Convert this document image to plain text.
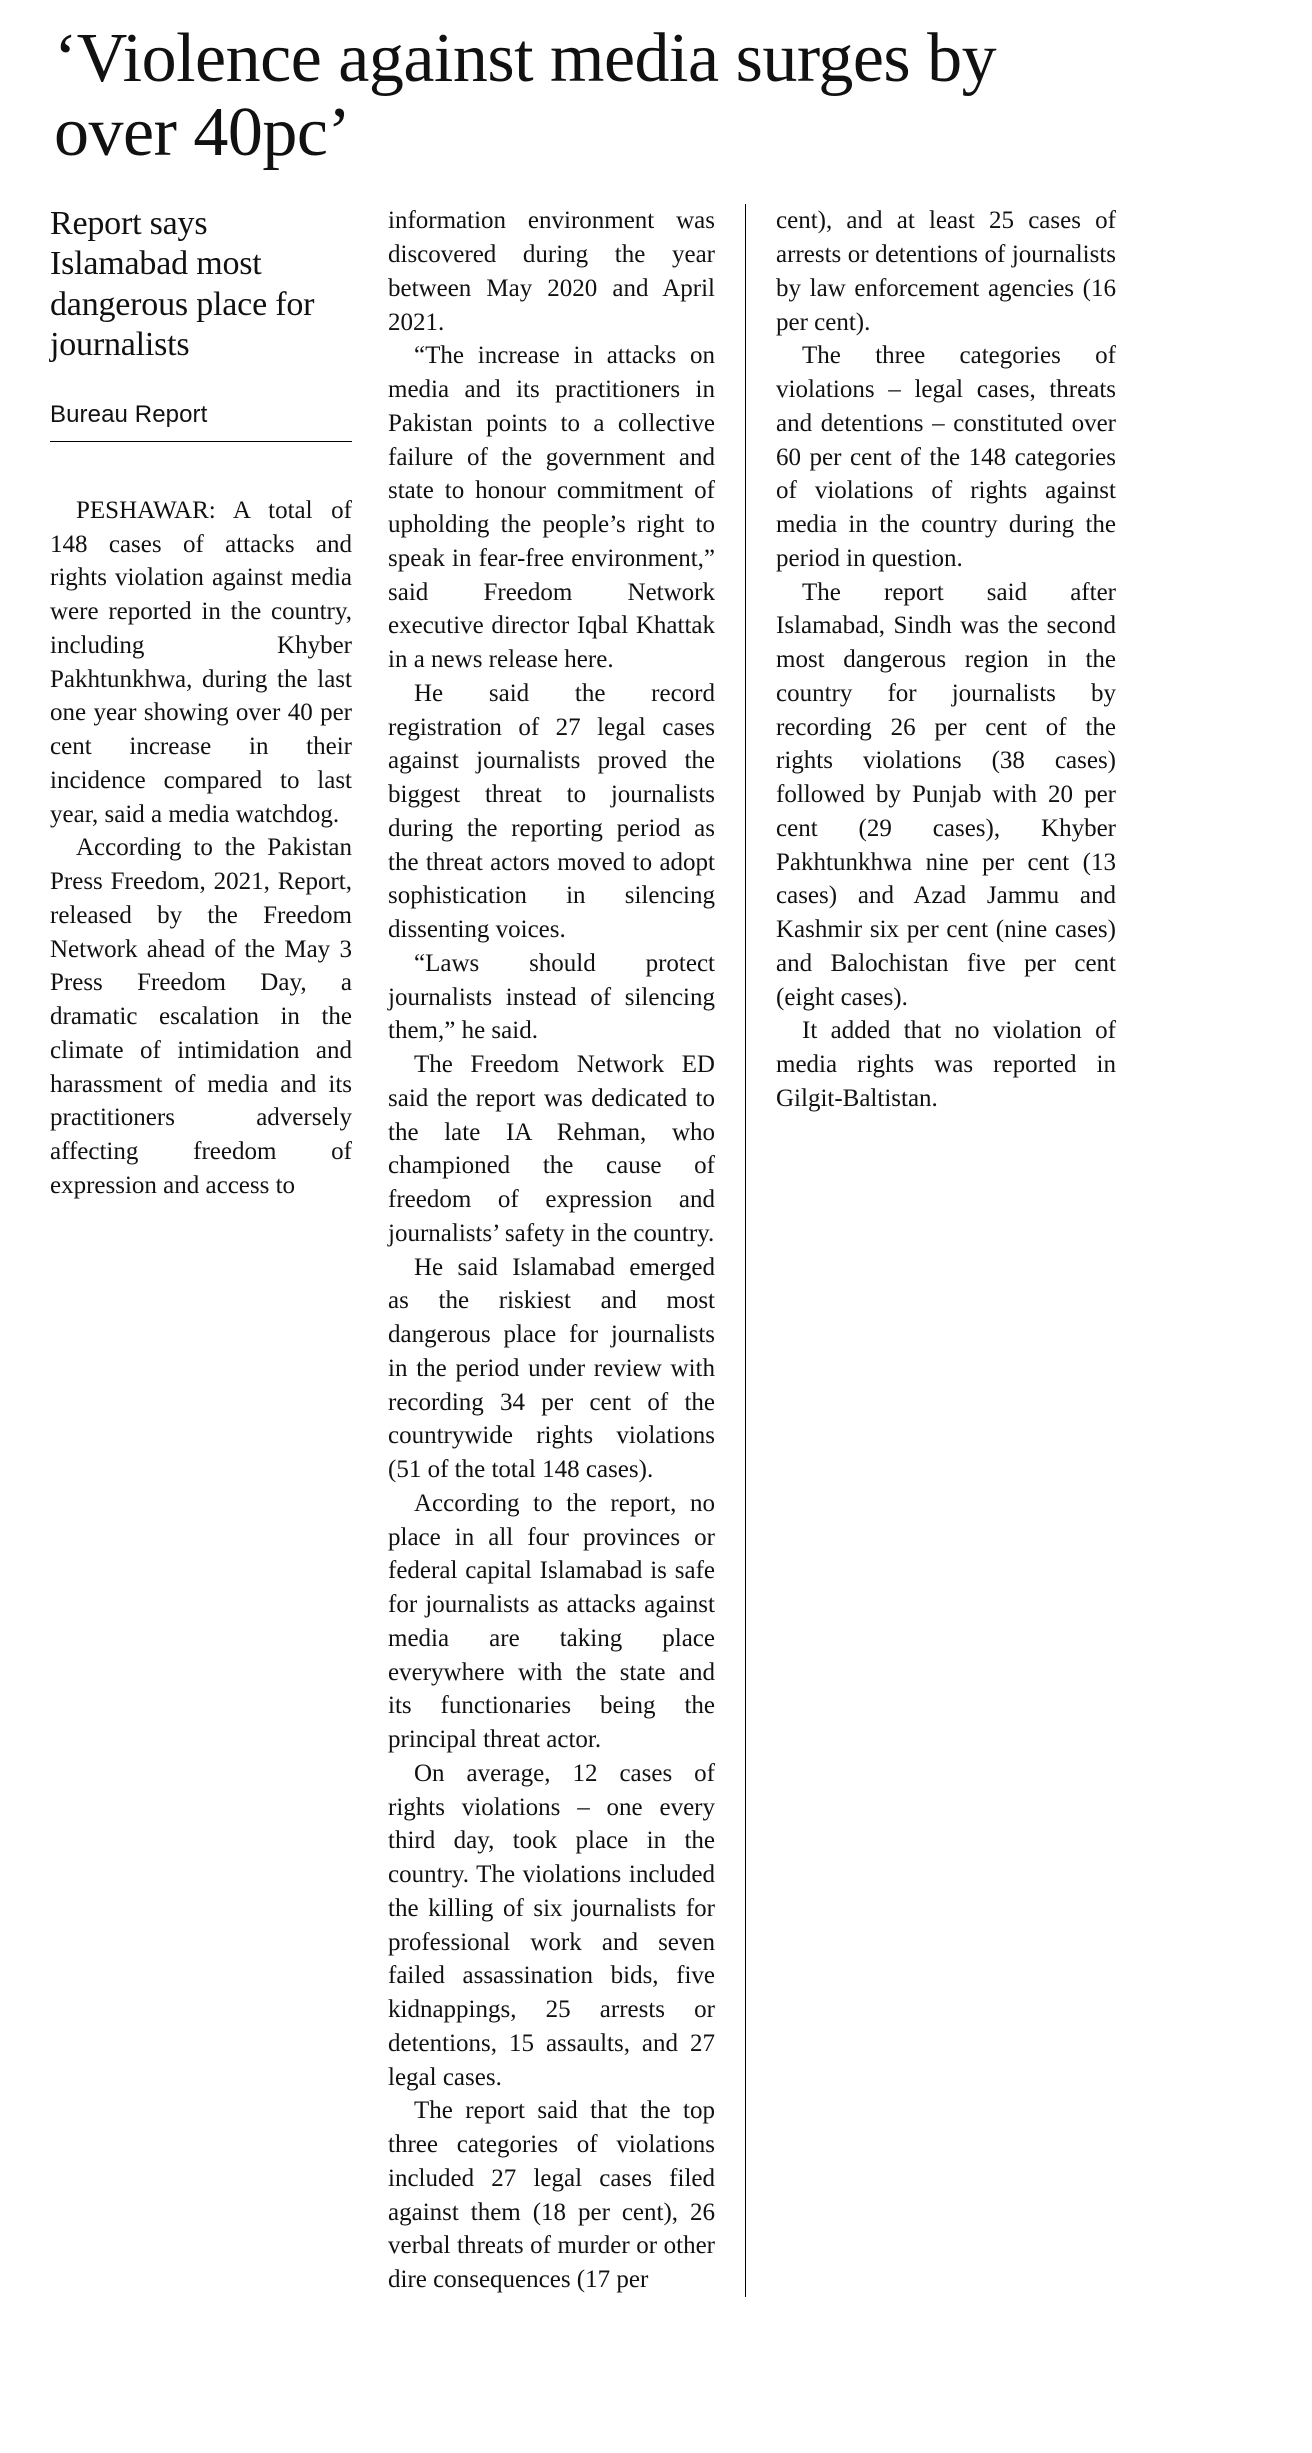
‘Violence against media surges by over 40pc’
Report says Islamabad most dangerous place for journalists
Bureau Report

PESHAWAR: A total of 148 cases of attacks and rights violation against media were reported in the country, including Khyber Pakhtunkhwa, during the last one year showing over 40 per cent increase in their incidence compared to last year, said a media watchdog.

According to the Pakistan Press Freedom, 2021, Report, released by the Freedom Network ahead of the May 3 Press Freedom Day, a dramatic escalation in the climate of intimidation and harassment of media and its practitioners adversely affecting freedom of expression and access to

information environment was discovered during the year between May 2020 and April 2021.

“The increase in attacks on media and its practitioners in Pakistan points to a collective failure of the government and state to honour commitment of upholding the people’s right to speak in fear-free environment,” said Freedom Network executive director Iqbal Khattak in a news release here.

He said the record registration of 27 legal cases against journalists proved the biggest threat to journalists during the reporting period as the threat actors moved to adopt sophistication in silencing dissenting voices.

“Laws should protect journalists instead of silencing them,” he said.

The Freedom Network ED said the report was dedicated to the late IA Rehman, who championed the cause of freedom of expression and journalists’ safety in the country.

He said Islamabad emerged as the riskiest and most dangerous place for journalists in the period under review with recording 34 per cent of the countrywide rights violations (51 of the total 148 cases).

According to the report, no place in all four provinces or federal capital Islamabad is safe for journalists as attacks against media are taking place everywhere with the state and its functionaries being the principal threat actor.

On average, 12 cases of rights violations – one every third day, took place in the country. The violations included the killing of six journalists for professional work and seven failed assassination bids, five kidnappings, 25 arrests or detentions, 15 assaults, and 27 legal cases.

The report said that the top three categories of violations included 27 legal cases filed against them (18 per cent), 26 verbal threats of murder or other dire consequences (17 per

cent), and at least 25 cases of arrests or detentions of journalists by law enforcement agencies (16 per cent).

The three categories of violations – legal cases, threats and detentions – constituted over 60 per cent of the 148 categories of violations of rights against media in the country during the period in question.

The report said after Islamabad, Sindh was the second most dangerous region in the country for journalists by recording 26 per cent of the rights violations (38 cases) followed by Punjab with 20 per cent (29 cases), Khyber Pakhtunkhwa nine per cent (13 cases) and Azad Jammu and Kashmir six per cent (nine cases) and Balochistan five per cent (eight cases).

It added that no violation of media rights was reported in Gilgit-Baltistan.
